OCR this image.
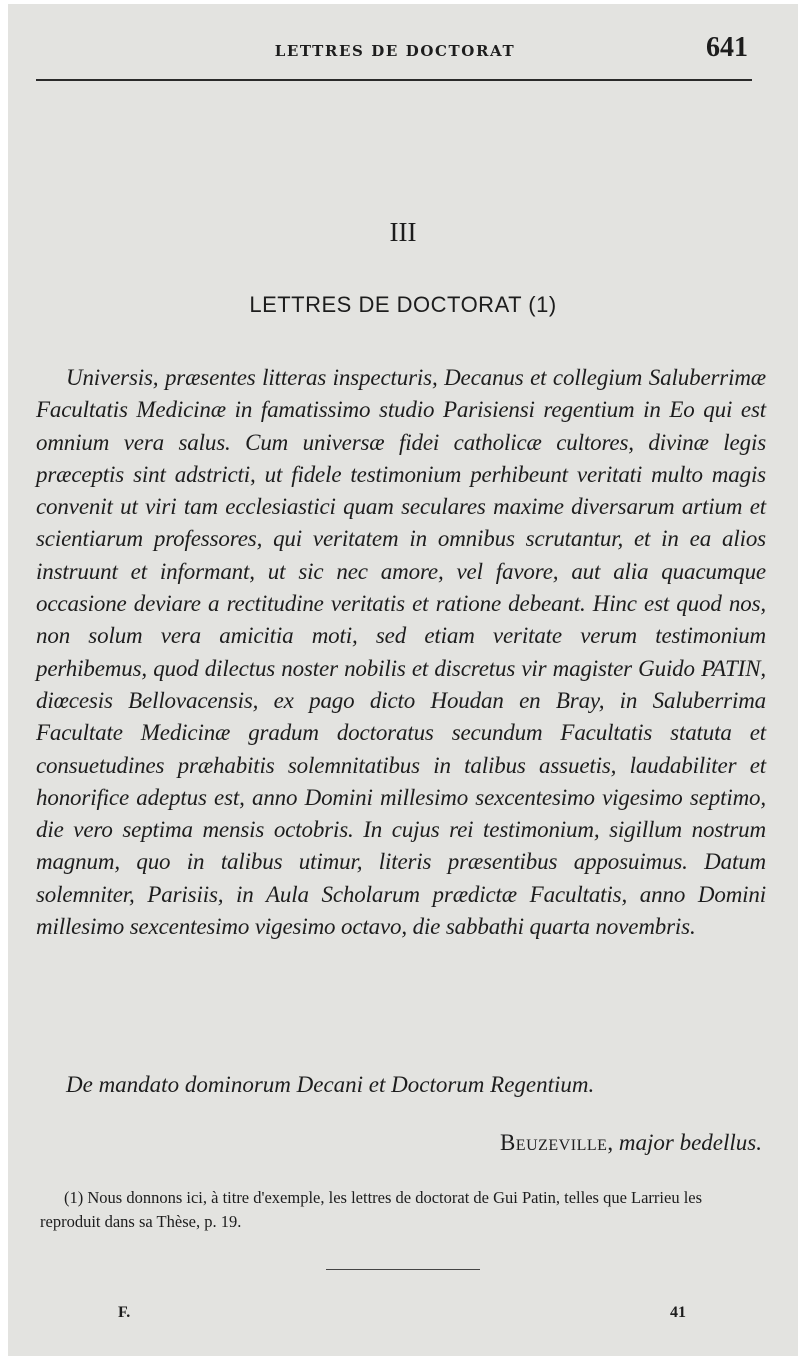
LETTRES DE DOCTORAT	641
III
LETTRES DE DOCTORAT (1)

Universis, præsentes litteras inspecturis, Decanus et collegium Saluberrimæ Facultatis Medicinæ in famatissimo studio Parisiensi regentium in Eo qui est omnium vera salus. Cum universæ fidei catholicæ cultores, divinæ legis præceptis sint adstricti, ut fidele testimonium perhibeunt veritati multo magis convenit ut viri tam ecclesiastici quam seculares maxime diversarum artium et scientiarum professores, qui veritatem in omnibus scrutantur, et in ea alios instruunt et informant, ut sic nec amore, vel favore, aut alia quacumque occasione deviare a rectitudine veritatis et ratione debeant. Hinc est quod nos, non solum vera amicitia moti, sed etiam veritate verum testimonium perhibemus, quod dilectus noster nobilis et discretus vir magister Guido PATIN, diœcesis Bellovacensis, ex pago dicto Houdan en Bray, in Saluberrima Facultate Medicinæ gradum doctoratus secundum Facultatis statuta et consuetudines præhabitis solemnitatibus in talibus assuetis, laudabiliter et honorifice adeptus est, anno Domini millesimo sexcentesimo vigesimo septimo, die vero septima mensis octobris. In cujus rei testimonium, sigillum nostrum magnum, quo in talibus utimur, literis præsentibus apposuimus. Datum solemniter, Parisiis, in Aula Scholarum prædictæ Facultatis, anno Domini millesimo sexcentesimo vigesimo octavo, die sabbathi quarta novembris.

De mandato dominorum Decani et Doctorum Regentium.
Beuzeville, major bedellus.

(1) Nous donnons ici, à titre d'exemple, les lettres de doctorat de Gui Patin, telles que Larrieu les reproduit dans sa Thèse, p. 19.

F.	41
